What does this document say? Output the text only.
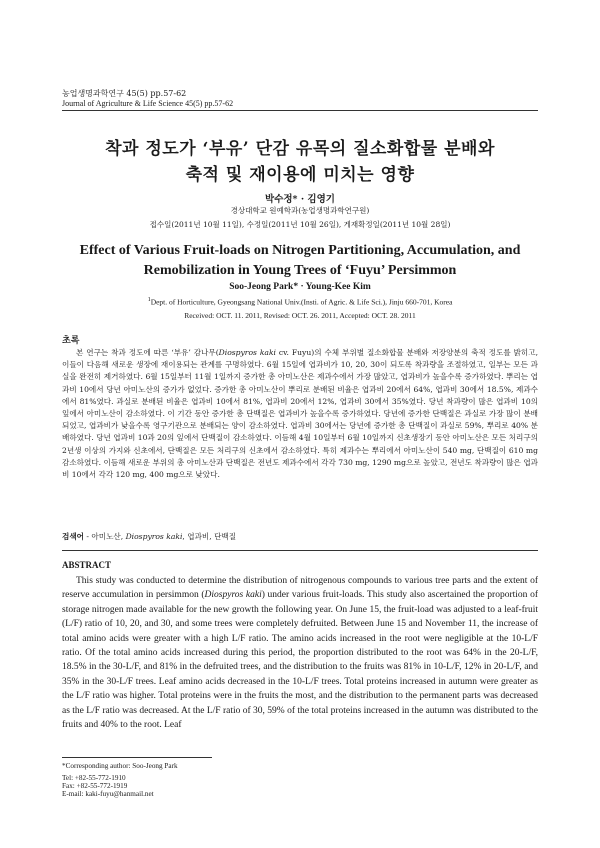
농업생명과학연구 45(5) pp.57-62
Journal of Agriculture & Life Science 45(5) pp.57-62
착과 정도가 ‘부유’ 단감 유목의 질소화합물 분배와
축적 및 재이용에 미치는 영향
박수정* · 김영기
경상대학교 원예학과(농업생명과학연구원)
접수일(2011년 10월 11일), 수정일(2011년 10월 26일), 게재확정일(2011년 10월 28일)
Effect of Various Fruit-loads on Nitrogen Partitioning, Accumulation, and
Remobilization in Young Trees of ‘Fuyu’ Persimmon
Soo-Jeong Park* · Young-Kee Kim
$^1$Dept. of Horticulture, Gyeongsang National Univ.(Insti. of Agric. & Life Sci.), Jinju 660-701, Korea
Received: OCT. 11. 2011, Revised: OCT. 26. 2011, Accepted: OCT. 28. 2011
초록
본 연구는 착과 정도에 따른 ‘부유’ 감나무(Diospyros kaki cv. Fuyu)의 수체 부위별 질소화합물 분배와 저장양분의 축적 정도를 밝히고, 이들이 다음해 새로운 생장에 재이용되는 관계를 구명하였다. 6월 15일에 엽과비가 10, 20, 30이 되도록 착과량을 조절하였고, 일부는 모든 과실을 완전히 제거하였다. 6월 15일부터 11월 1일까지 증가한 총 아미노산은 제과수에서 가장 많았고, 엽과비가 높을수록 증가하였다. 뿌리는 엽과비 10에서 당년 아미노산의 증가가 없었다. 증가한 총 아미노산이 뿌리로 분배된 비율은 엽과비 20에서 64%, 엽과비 30에서 18.5%, 제과수에서 81%였다. 과실로 분배된 비율은 엽과비 10에서 81%, 엽과비 20에서 12%, 엽과비 30에서 35%였다. 당년 착과량이 많은 엽과비 10의 잎에서 아미노산이 감소하였다. 이 기간 동안 증가한 총 단백질은 엽과비가 높을수록 증가하였다. 당년에 증가한 단백질은 과실로 가장 많이 분배되었고, 엽과비가 낮을수록 영구기관으로 분배되는 양이 감소하였다. 엽과비 30에서는 당년에 증가한 총 단백질이 과실로 59%, 뿌리로 40% 분배하였다. 당년 엽과비 10과 20의 잎에서 단백질이 감소하였다. 이듬해 4월 10일부터 6월 10일까지 신초생장기 동안 아미노산은 모든 처리구의 2년생 이상의 가지와 신초에서, 단백질은 모든 처리구의 신초에서 감소하였다. 특히 제과수는 뿌리에서 아미노산이 540 mg, 단백질이 610 mg 감소하였다. 이듬해 새로운 부위의 총 아미노산과 단백질은 전년도 제과수에서 각각 730 mg, 1290 mg으로 높았고, 전년도 착과량이 많은 엽과비 10에서 각각 120 mg, 400 mg으로 낮았다.
검색어 - 아미노산, Diospyros kaki, 엽과비, 단백질
ABSTRACT
This study was conducted to determine the distribution of nitrogenous compounds to various tree parts and the extent of reserve accumulation in persimmon (Diospyros kaki) under various fruit-loads. This study also ascertained the proportion of storage nitrogen made available for the new growth the following year. On June 15, the fruit-load was adjusted to a leaf-fruit (L/F) ratio of 10, 20, and 30, and some trees were completely defruited. Between June 15 and November 11, the increase of total amino acids were greater with a high L/F ratio. The amino acids increased in the root were negligible at the 10-L/F ratio. Of the total amino acids increased during this period, the proportion distributed to the root was 64% in the 20-L/F, 18.5% in the 30-L/F, and 81% in the defruited trees, and the distribution to the fruits was 81% in 10-L/F, 12% in 20-L/F, and 35% in the 30-L/F trees. Leaf amino acids decreased in the 10-L/F trees. Total proteins increased in autumn were greater as the L/F ratio was higher. Total proteins were in the fruits the most, and the distribution to the permanent parts was decreased as the L/F ratio was decreased. At the L/F ratio of 30, 59% of the total proteins increased in the autumn was distributed to the fruits and 40% to the root. Leaf
*Corresponding author: Soo-Jeong Park
Tel: +82-55-772-1910
Fax: +82-55-772-1919
E-mail: kaki-fuyu@hanmail.net
